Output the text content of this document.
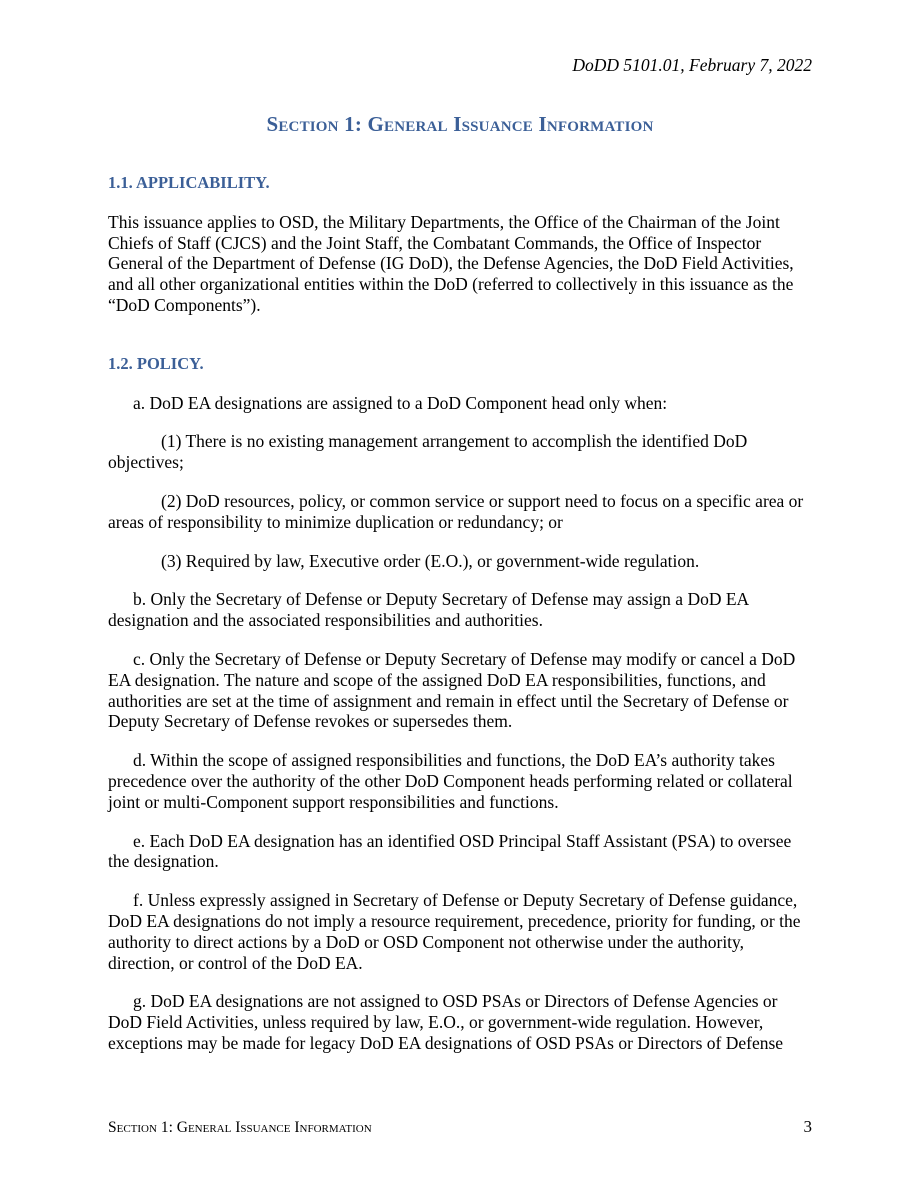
DoDD 5101.01, February 7, 2022
Section 1: General Issuance Information

1.1. APPLICABILITY.

This issuance applies to OSD, the Military Departments, the Office of the Chairman of the Joint Chiefs of Staff (CJCS) and the Joint Staff, the Combatant Commands, the Office of Inspector General of the Department of Defense (IG DoD), the Defense Agencies, the DoD Field Activities, and all other organizational entities within the DoD (referred to collectively in this issuance as the “DoD Components”).

1.2. POLICY.

a. DoD EA designations are assigned to a DoD Component head only when:

(1) There is no existing management arrangement to accomplish the identified DoD objectives;

(2) DoD resources, policy, or common service or support need to focus on a specific area or areas of responsibility to minimize duplication or redundancy; or

(3) Required by law, Executive order (E.O.), or government-wide regulation.

b. Only the Secretary of Defense or Deputy Secretary of Defense may assign a DoD EA designation and the associated responsibilities and authorities.

c. Only the Secretary of Defense or Deputy Secretary of Defense may modify or cancel a DoD EA designation. The nature and scope of the assigned DoD EA responsibilities, functions, and authorities are set at the time of assignment and remain in effect until the Secretary of Defense or Deputy Secretary of Defense revokes or supersedes them.

d. Within the scope of assigned responsibilities and functions, the DoD EA’s authority takes precedence over the authority of the other DoD Component heads performing related or collateral joint or multi-Component support responsibilities and functions.

e. Each DoD EA designation has an identified OSD Principal Staff Assistant (PSA) to oversee the designation.

f. Unless expressly assigned in Secretary of Defense or Deputy Secretary of Defense guidance, DoD EA designations do not imply a resource requirement, precedence, priority for funding, or the authority to direct actions by a DoD or OSD Component not otherwise under the authority, direction, or control of the DoD EA.

g. DoD EA designations are not assigned to OSD PSAs or Directors of Defense Agencies or DoD Field Activities, unless required by law, E.O., or government-wide regulation. However, exceptions may be made for legacy DoD EA designations of OSD PSAs or Directors of Defense

Section 1: General Issuance Information	3
